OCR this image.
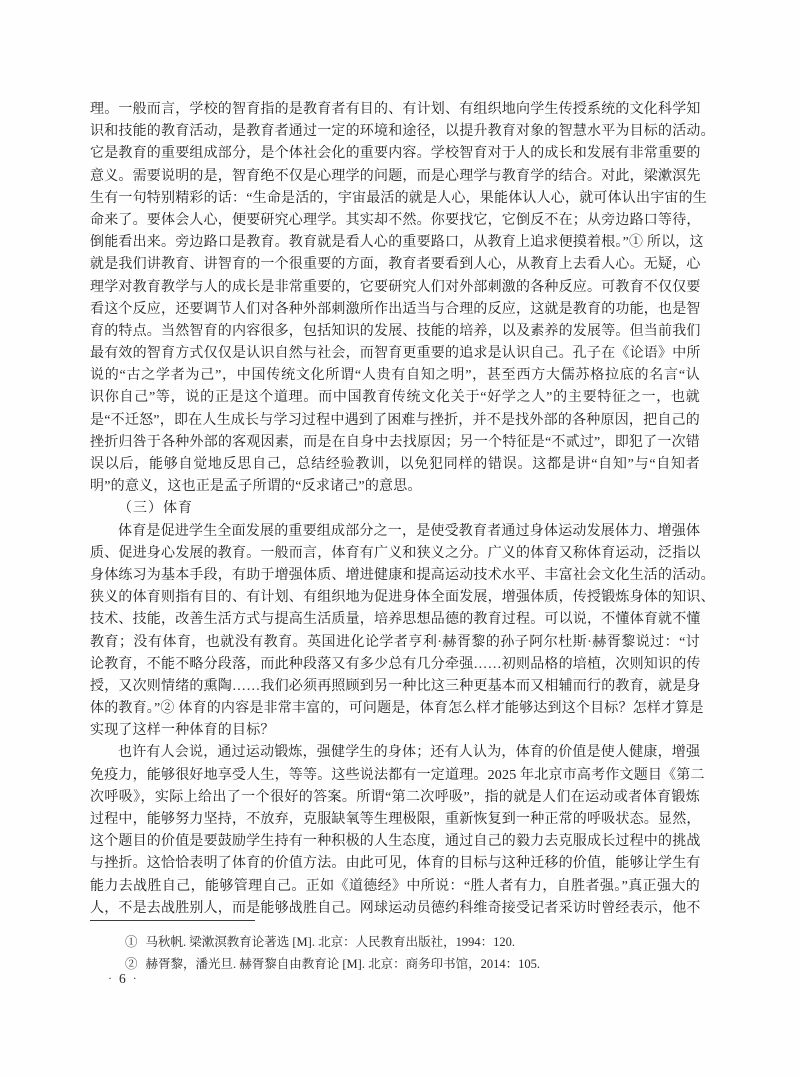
理。一般而言，学校的智育指的是教育者有目的、有计划、有组织地向学生传授系统的文化科学知
识和技能的教育活动，是教育者通过一定的环境和途径，以提升教育对象的智慧水平为目标的活动。
它是教育的重要组成部分，是个体社会化的重要内容。学校智育对于人的成长和发展有非常重要的
意义。需要说明的是，智育绝不仅是心理学的问题，而是心理学与教育学的结合。对此，梁漱溟先
生有一句特别精彩的话：“生命是活的，宇宙最活的就是人心，果能体认人心，就可体认出宇宙的生
命来了。要体会人心，便要研究心理学。其实却不然。你要找它，它倒反不在；从旁边路口等待，
倒能看出来。旁边路口是教育。教育就是看人心的重要路口，从教育上追求便摸着根。”① 所以，这
就是我们讲教育、讲智育的一个很重要的方面，教育者要看到人心，从教育上去看人心。无疑，心
理学对教育教学与人的成长是非常重要的，它要研究人们对外部刺激的各种反应。可教育不仅仅要
看这个反应，还要调节人们对各种外部刺激所作出适当与合理的反应，这就是教育的功能，也是智
育的特点。当然智育的内容很多，包括知识的发展、技能的培养，以及素养的发展等。但当前我们
最有效的智育方式仅仅是认识自然与社会，而智育更重要的追求是认识自己。孔子在《论语》中所
说的“古之学者为己”，中国传统文化所谓“人贵有自知之明”，甚至西方大儒苏格拉底的名言“认
识你自己”等，说的正是这个道理。而中国教育传统文化关于“好学之人”的主要特征之一，也就
是“不迁怒”，即在人生成长与学习过程中遇到了困难与挫折，并不是找外部的各种原因，把自己的
挫折归咎于各种外部的客观因素，而是在自身中去找原因；另一个特征是“不贰过”，即犯了一次错
误以后，能够自觉地反思自己，总结经验教训，以免犯同样的错误。这都是讲“自知”与“自知者
明”的意义，这也正是孟子所谓的“反求诸己”的意思。
（三）体育
体育是促进学生全面发展的重要组成部分之一，是使受教育者通过身体运动发展体力、增强体
质、促进身心发展的教育。一般而言，体育有广义和狭义之分。广义的体育又称体育运动，泛指以
身体练习为基本手段，有助于增强体质、增进健康和提高运动技术水平、丰富社会文化生活的活动。
狭义的体育则指有目的、有计划、有组织地为促进身体全面发展，增强体质，传授锻炼身体的知识、
技术、技能，改善生活方式与提高生活质量，培养思想品德的教育过程。可以说，不懂体育就不懂
教育；没有体育，也就没有教育。英国进化论学者亨利·赫胥黎的孙子阿尔杜斯·赫胥黎说过：“讨
论教育，不能不略分段落，而此种段落又有多少总有几分牵强……初则品格的培植，次则知识的传
授，又次则情绪的熏陶……我们必须再照顾到另一种比这三种更基本而又相辅而行的教育，就是身
体的教育。”② 体育的内容是非常丰富的，可问题是，体育怎么样才能够达到这个目标？怎样才算是
实现了这样一种体育的目标？
也许有人会说，通过运动锻炼，强健学生的身体；还有人认为，体育的价值是使人健康，增强
免疫力，能够很好地享受人生，等等。这些说法都有一定道理。2025 年北京市高考作文题目《第二
次呼吸》，实际上给出了一个很好的答案。所谓“第二次呼吸”，指的就是人们在运动或者体育锻炼
过程中，能够努力坚持，不放弃，克服缺氧等生理极限，重新恢复到一种正常的呼吸状态。显然，
这个题目的价值是要鼓励学生持有一种积极的人生态度，通过自己的毅力去克服成长过程中的挑战
与挫折。这恰恰表明了体育的价值方法。由此可见，体育的目标与这种迁移的价值，能够让学生有
能力去战胜自己，能够管理自己。正如《道德经》中所说：“胜人者有力，自胜者强。”真正强大的
人，不是去战胜别人，而是能够战胜自己。网球运动员德约科维奇接受记者采访时曾经表示，他不
① 马秋帆. 梁漱溟教育论著选 [M]. 北京：人民教育出版社，1994：120.
② 赫胥黎，潘光旦. 赫胥黎自由教育论 [M]. 北京：商务印书馆，2014：105.
· 6 ·
